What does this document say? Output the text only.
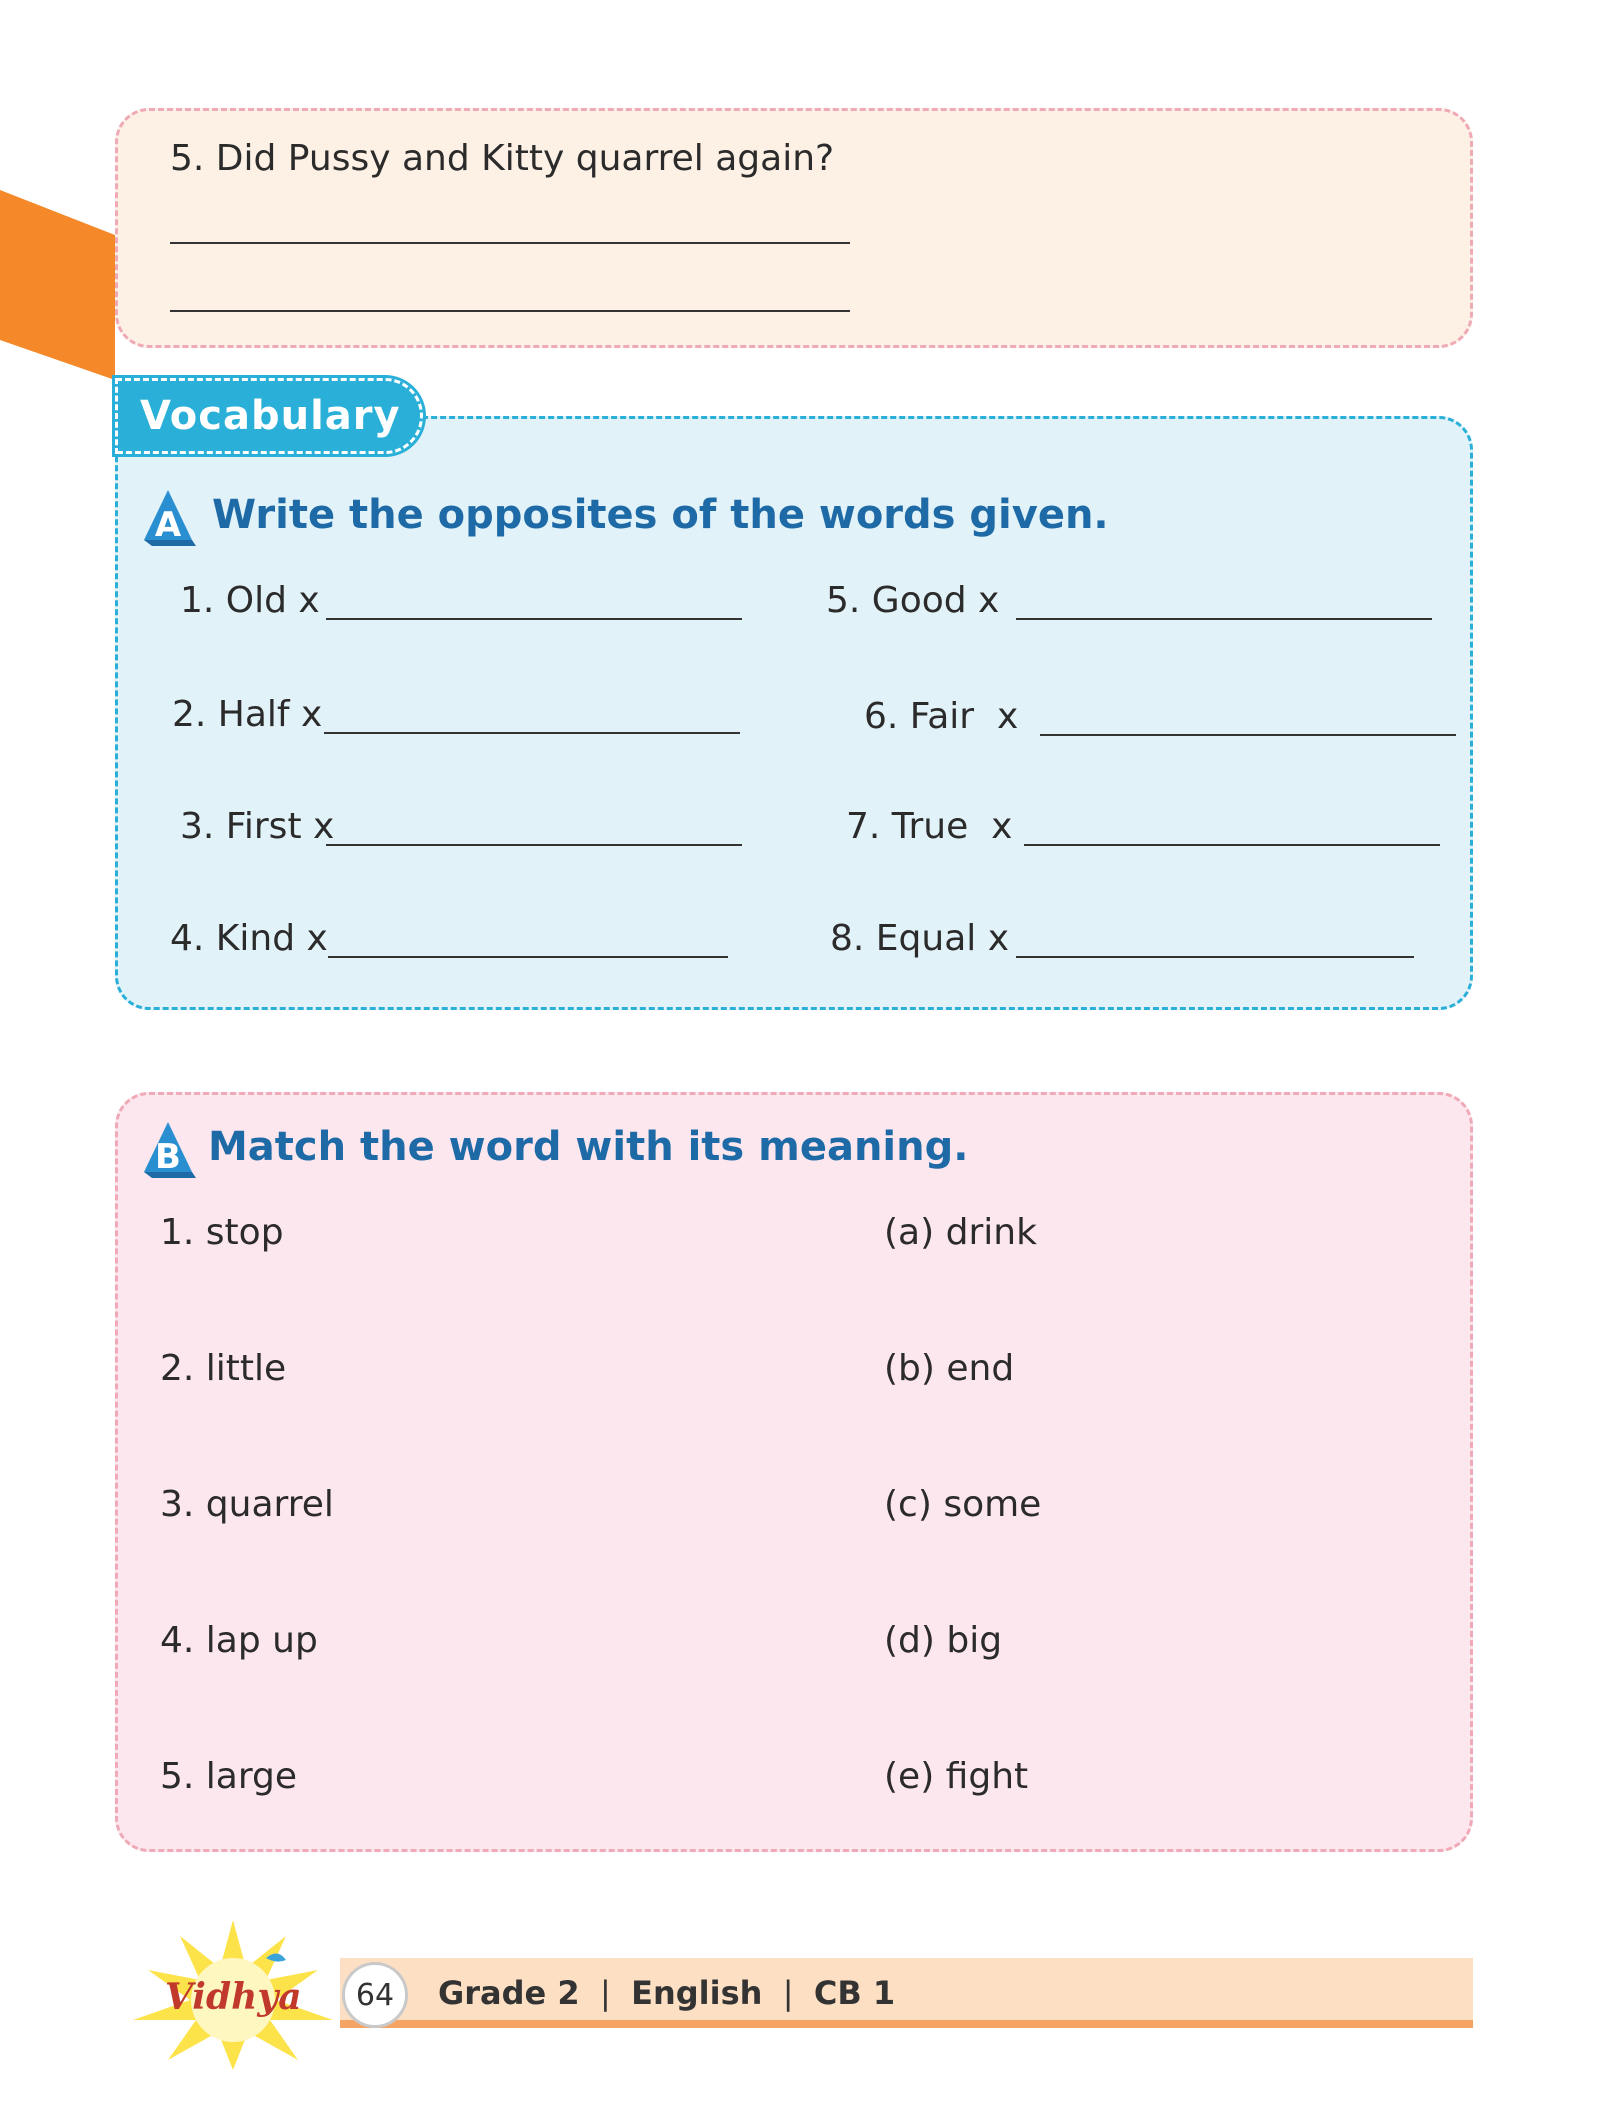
5. Did Pussy and Kitty quarrel again?
Vocabulary
A Write the opposites of the words given.
1. Old x
2. Half x
3. First x
4. Kind x
5. Good x
6. Fair  x
7. True  x
8. Equal x
B Match the word with its meaning.
1. stop
2. little
3. quarrel
4. lap up
5. large
(a) drink
(b) end
(c) some
(d) big
(e) fight
Vidhya 64 Grade 2  |  English  |  CB 1
